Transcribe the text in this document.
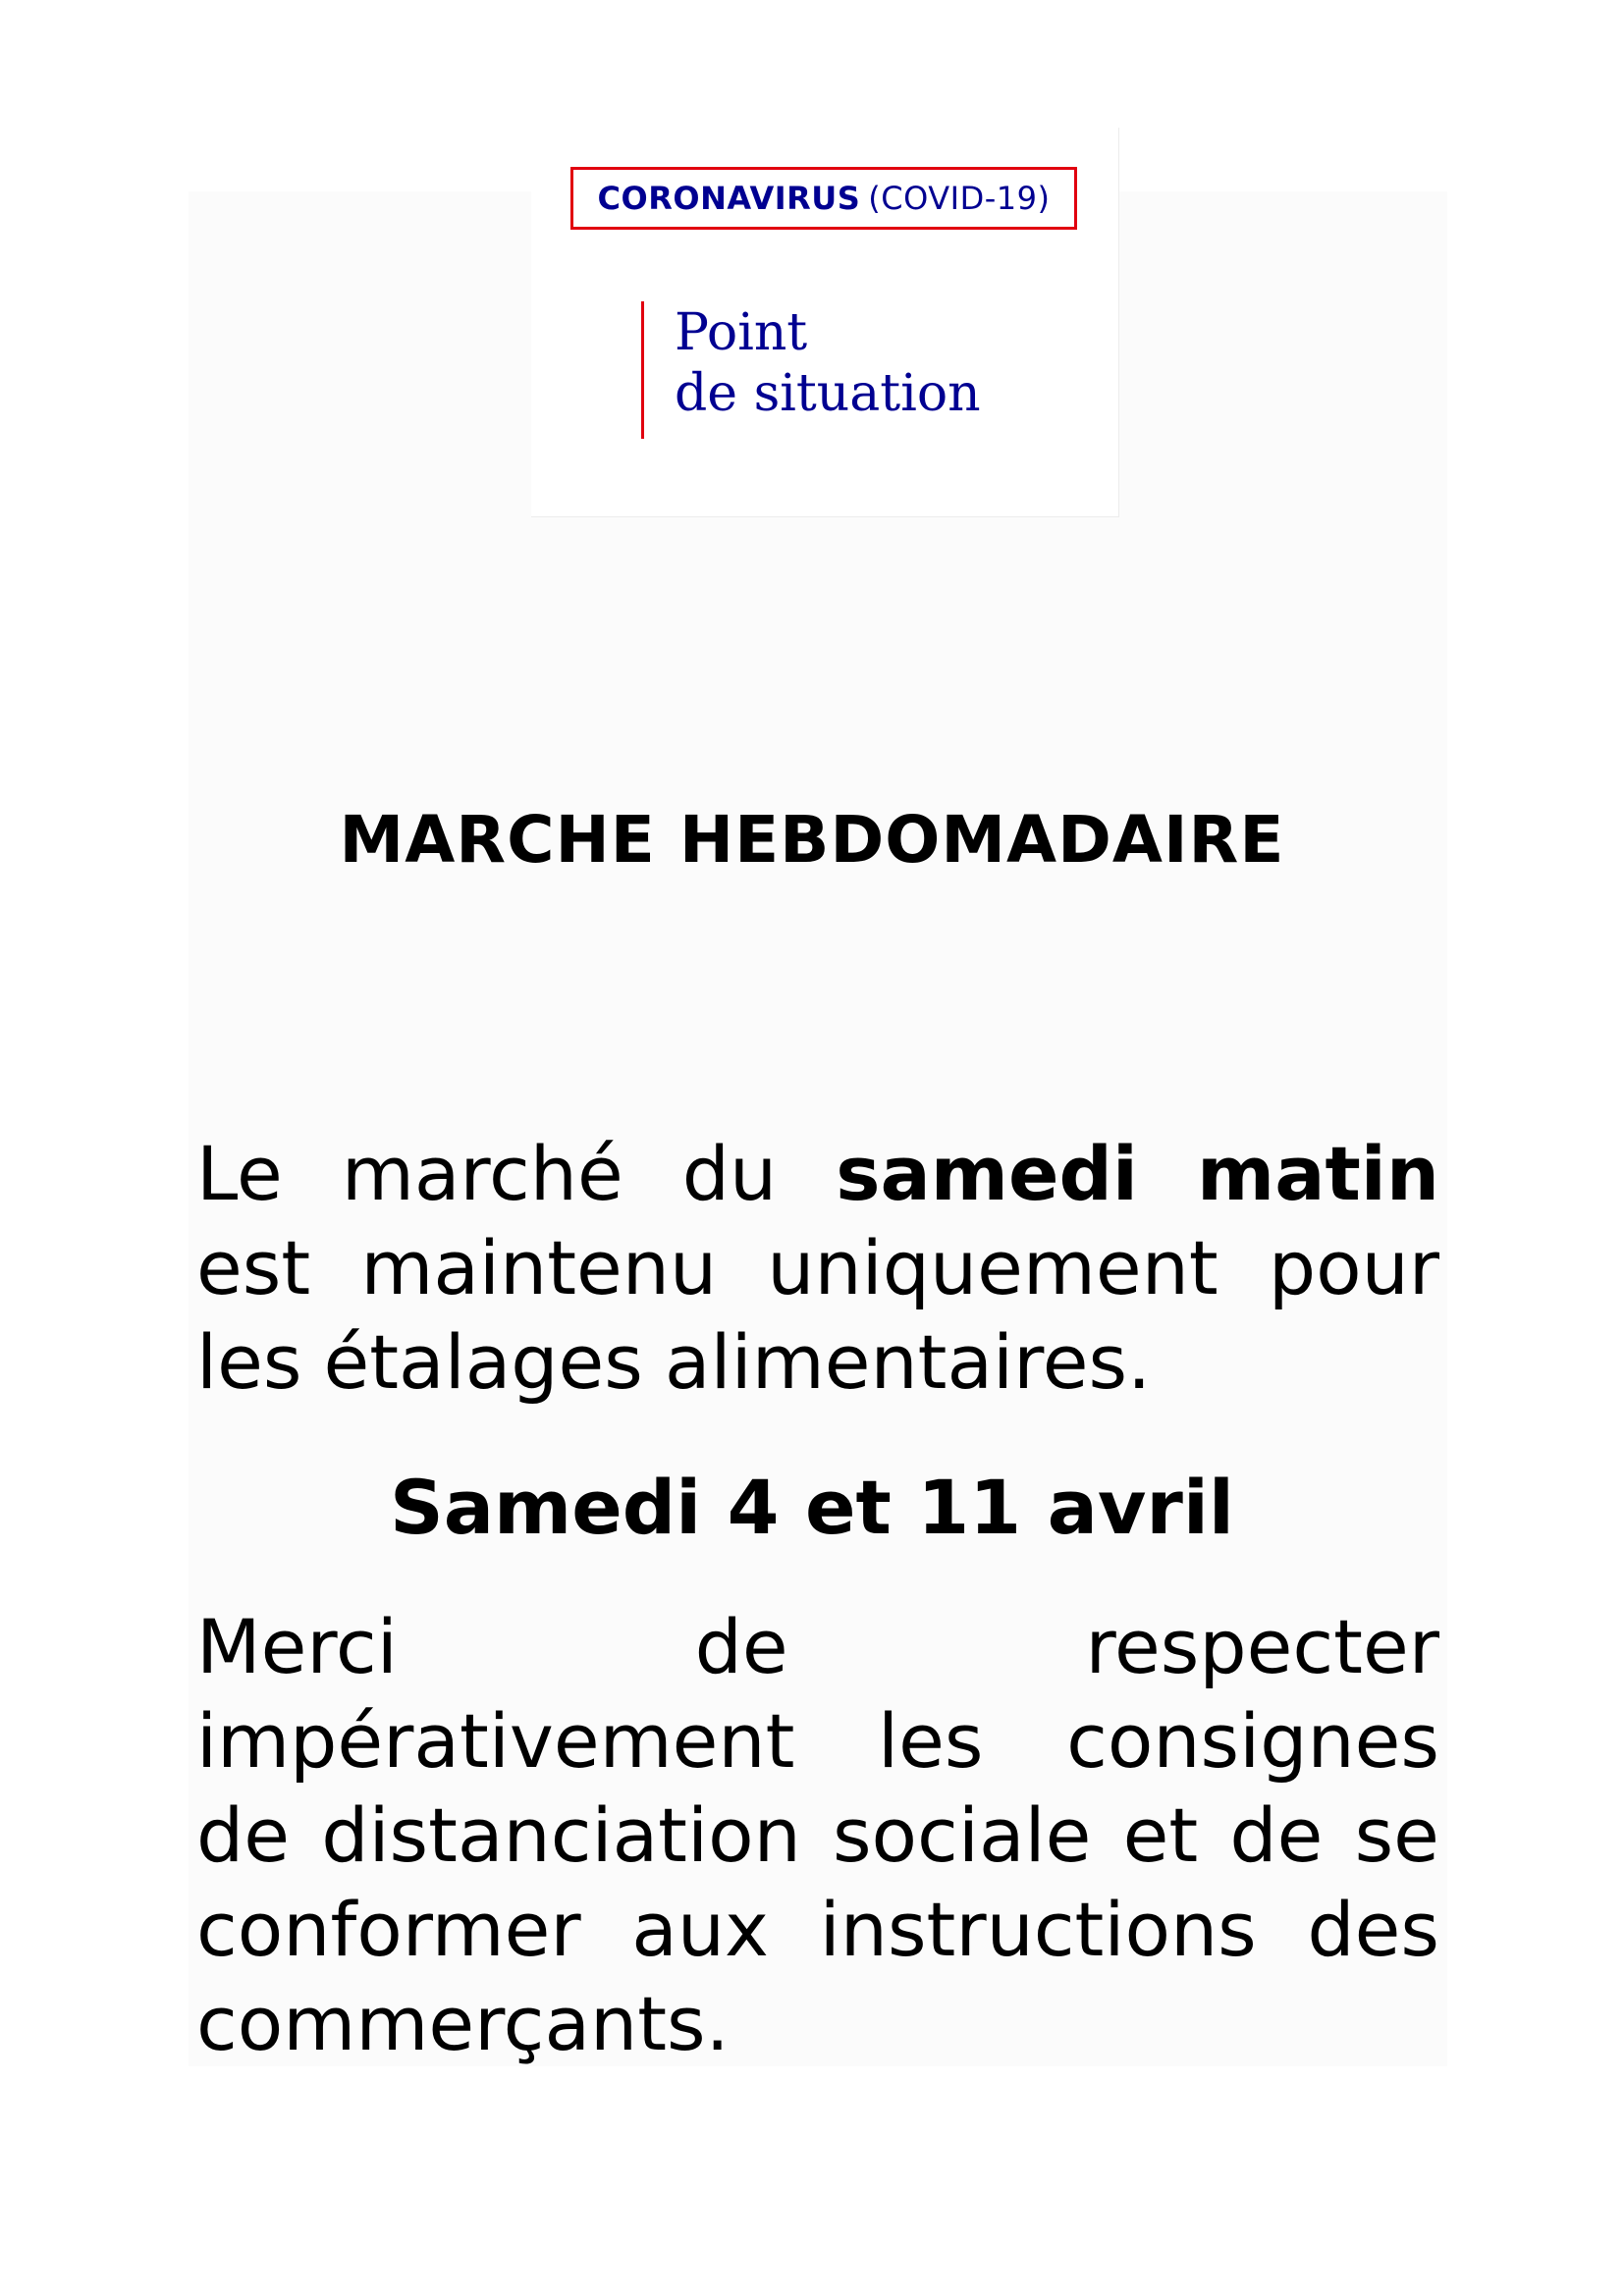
CORONAVIRUS (COVID-19)
Point
de situation
MARCHE HEBDOMADAIRE
Le marché du samedi matin
est maintenu uniquement pour
les étalages alimentaires.
Samedi 4 et 11 avril
Merci	de	respecter
impérativement les consignes
de distanciation sociale et de se
conformer aux instructions des
commerçants.
